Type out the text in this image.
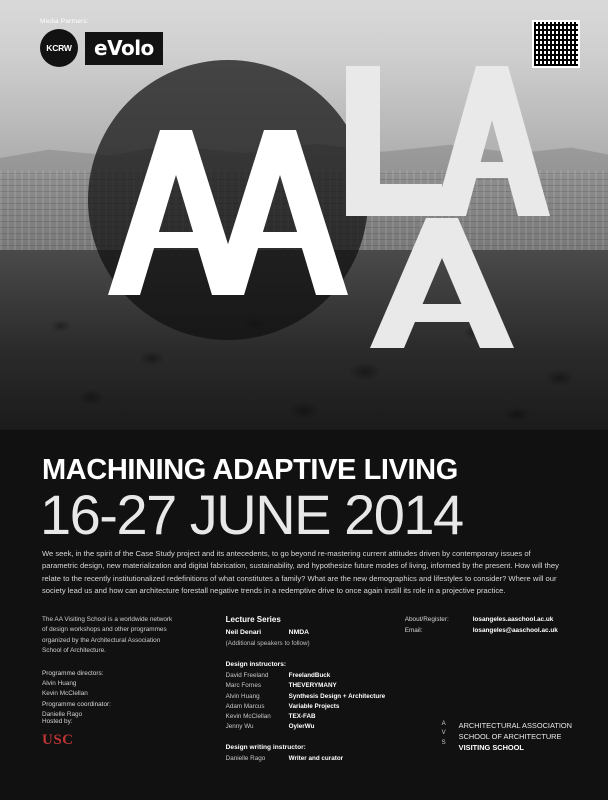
Media Partners:
KCRW	eVolo
MACHINING ADAPTIVE LIVING
16-27 JUNE 2014
We seek, in the spirit of the Case Study project and its antecedents, to go beyond re-mastering current attitudes driven by contemporary issues of parametric design, new materialization and digital fabrication, sustainability, and hypothesize future modes of living, informed by the present. How will they relate to the recently institutionalized redefinitions of what constitutes a family? What are the new demographics and lifestyles to consider? Where will our society lead us and how can architecture forestall negative trends in a redemptive drive to once again instill its role in a projective practice.
The AA Visiting School is a worldwide network of design workshops and other programmes organized by the Architectural Association School of Architecture.
Programme directors:
Alvin Huang
Kevin McClellan
Programme coordinator:
Danielle Rago
Lecture Series
Neil Denari	NMDA
(Additional speakers to follow)
Design instructors:
David Freeland	FreelandBuck
Marc Fornes	THEVERYMANY
Alvin Huang	Synthesis Design + Architecture
Adam Marcus	Variable Projects
Kevin McClellan	TEX-FAB
Jenny Wu	OylerWu
Design writing instructor:
Danielle Rago	Writer and curator
About/Register:	losangeles.aaschool.ac.uk
Email:	losangeles@aaschool.ac.uk
Hosted by:
USC
A
V
S
ARCHITECTURAL ASSOCIATION
SCHOOL OF ARCHITECTURE
VISITING SCHOOL
